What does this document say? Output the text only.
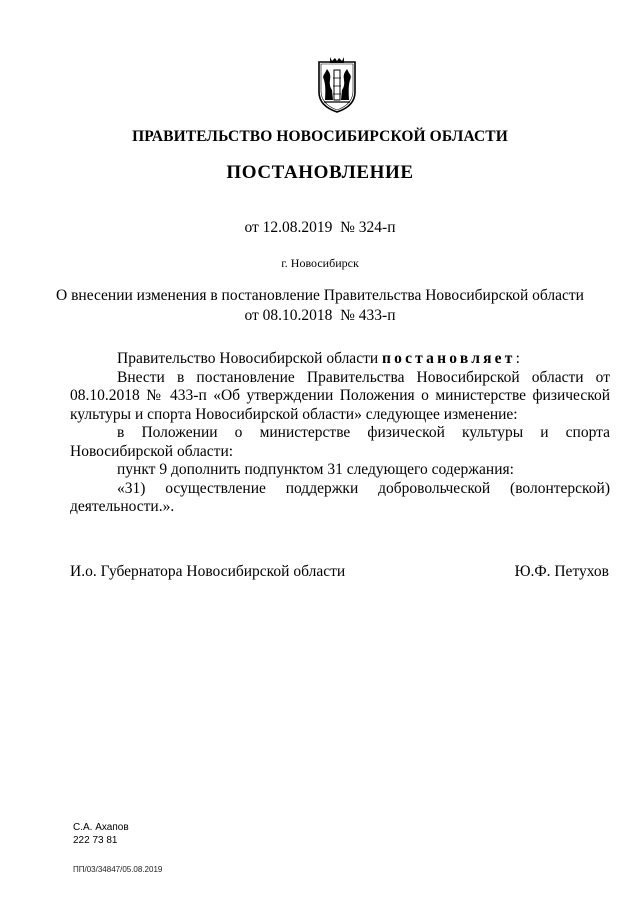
ПРАВИТЕЛЬСТВО НОВОСИБИРСКОЙ ОБЛАСТИ
ПОСТАНОВЛЕНИЕ
от 12.08.2019  № 324-п
г. Новосибирск
О внесении изменения в постановление Правительства Новосибирской области
от 08.10.2018  № 433-п

Правительство Новосибирской области постановляет:

Внести в постановление Правительства Новосибирской области от 08.10.2018 № 433-п «Об утверждении Положения о министерстве физической культуры и спорта Новосибирской области» следующее изменение:

в Положении о министерстве физической культуры и спорта Новосибирской области:

пункт 9 дополнить подпунктом 31 следующего содержания:

«31) осуществление поддержки добровольческой (волонтерской) деятельности.».

И.о. Губернатора Новосибирской области	Ю.Ф. Петухов
С.А. Ахапов
222 73 81
ПП/03/34847/05.08.2019
